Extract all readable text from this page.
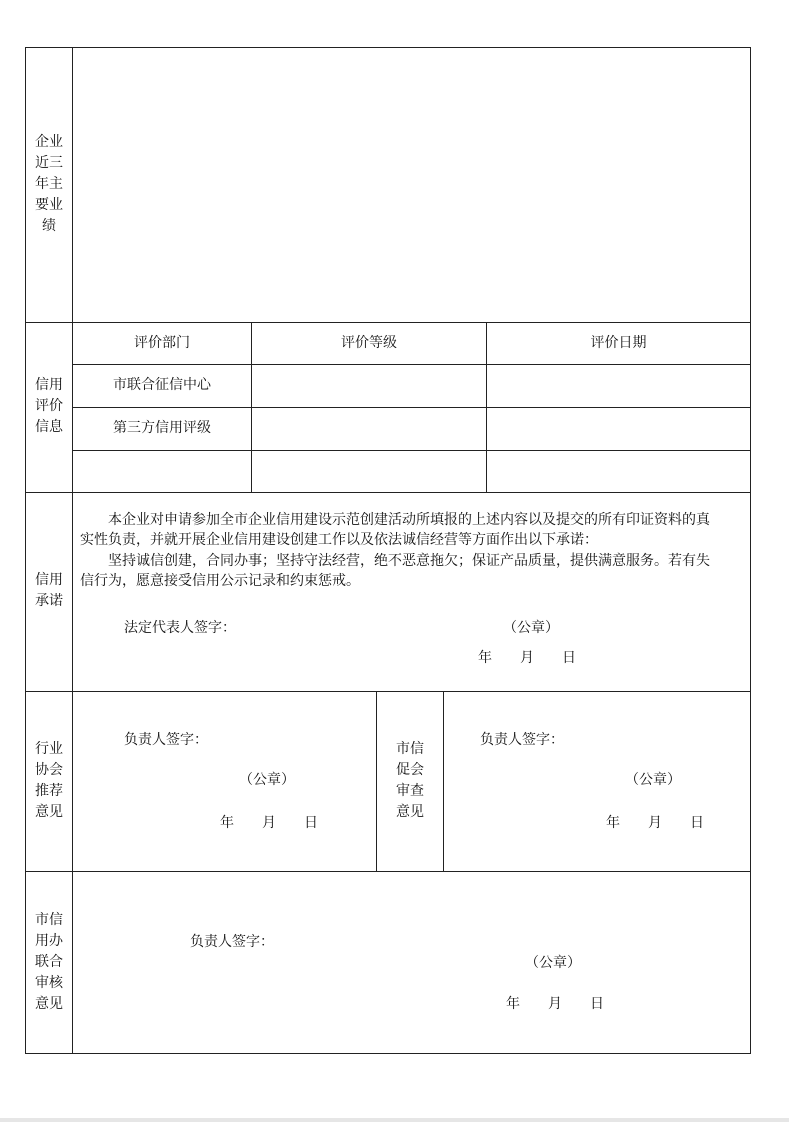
企业近三年主要业绩
信用评价信息
评价部门	评价等级	评价日期
市联合征信中心
第三方信用评级
信用承诺
本企业对申请参加全市企业信用建设示范创建活动所填报的上述内容以及提交的所有印证资料的真
实性负责，并就开展企业信用建设创建工作以及依法诚信经营等方面作出以下承诺：
坚持诚信创建，合同办事；坚持守法经营，绝不恶意拖欠；保证产品质量，提供满意服务。若有失
信行为，愿意接受信用公示记录和约束惩戒。
法定代表人签字：	（公章）
年　　月　　日
行业协会推荐意见
负责人签字：
（公章）
年　　月　　日
市信促会审查意见
负责人签字：
（公章）
年　　月　　日
市信用办联合审核意见
负责人签字：
（公章）
年　　月　　日
